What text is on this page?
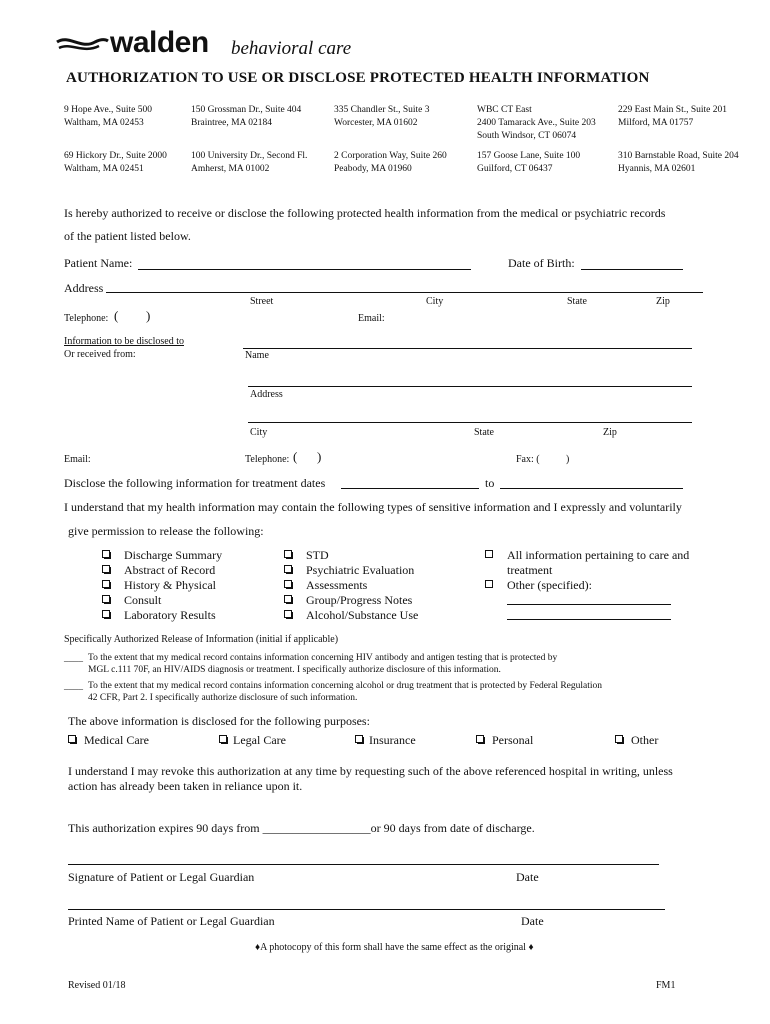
walden behavioral care
AUTHORIZATION TO USE OR DISCLOSE PROTECTED HEALTH INFORMATION
9 Hope Ave., Suite 500
Waltham, MA 02453
150 Grossman Dr., Suite 404
Braintree, MA 02184
335 Chandler St., Suite 3
Worcester, MA 01602
WBC CT East
2400 Tamarack Ave., Suite 203
South Windsor, CT 06074
229 East Main St., Suite 201
Milford, MA 01757
69 Hickory Dr., Suite 2000
Waltham, MA 02451
100 University Dr., Second Fl.
Amherst, MA 01002
2 Corporation Way, Suite 260
Peabody, MA 01960
157 Goose Lane, Suite 100
Guilford, CT 06437
310 Barnstable Road, Suite 204
Hyannis, MA 02601
Is hereby authorized to receive or disclose the following protected health information from the medical or psychiatric records
of the patient listed below.
Patient Name:	Date of Birth:
Address
Street	City	State	Zip
Telephone: ( )	Email:
Information to be disclosed to
Or received from:	Name
Address
City	State	Zip
Email:	Telephone: ( )	Fax: (	)
Disclose the following information for treatment dates	to
I understand that my health information may contain the following types of sensitive information and I expressly and voluntarily
give permission to release the following:
Discharge Summary
Abstract of Record
History & Physical
Consult
Laboratory Results
STD
Psychiatric Evaluation
Assessments
Group/Progress Notes
Alcohol/Substance Use
All information pertaining to care and
treatment
Other (specified):
Specifically Authorized Release of Information (initial if applicable)
____ To the extent that my medical record contains information concerning HIV antibody and antigen testing that is protected by
MGL c.111 70F, an HIV/AIDS diagnosis or treatment. I specifically authorize disclosure of this information.
____ To the extent that my medical record contains information concerning alcohol or drug treatment that is protected by Federal Regulation
42 CFR, Part 2. I specifically authorize disclosure of such information.
The above information is disclosed for the following purposes:
Medical Care	Legal Care	Insurance	Personal	Other
I understand I may revoke this authorization at any time by requesting such of the above referenced hospital in writing, unless
action has already been taken in reliance upon it.
This authorization expires 90 days from __________________or 90 days from date of discharge.
Signature of Patient or Legal Guardian	Date
Printed Name of Patient or Legal Guardian	Date
♦A photocopy of this form shall have the same effect as the original ♦
Revised 01/18	FM1
